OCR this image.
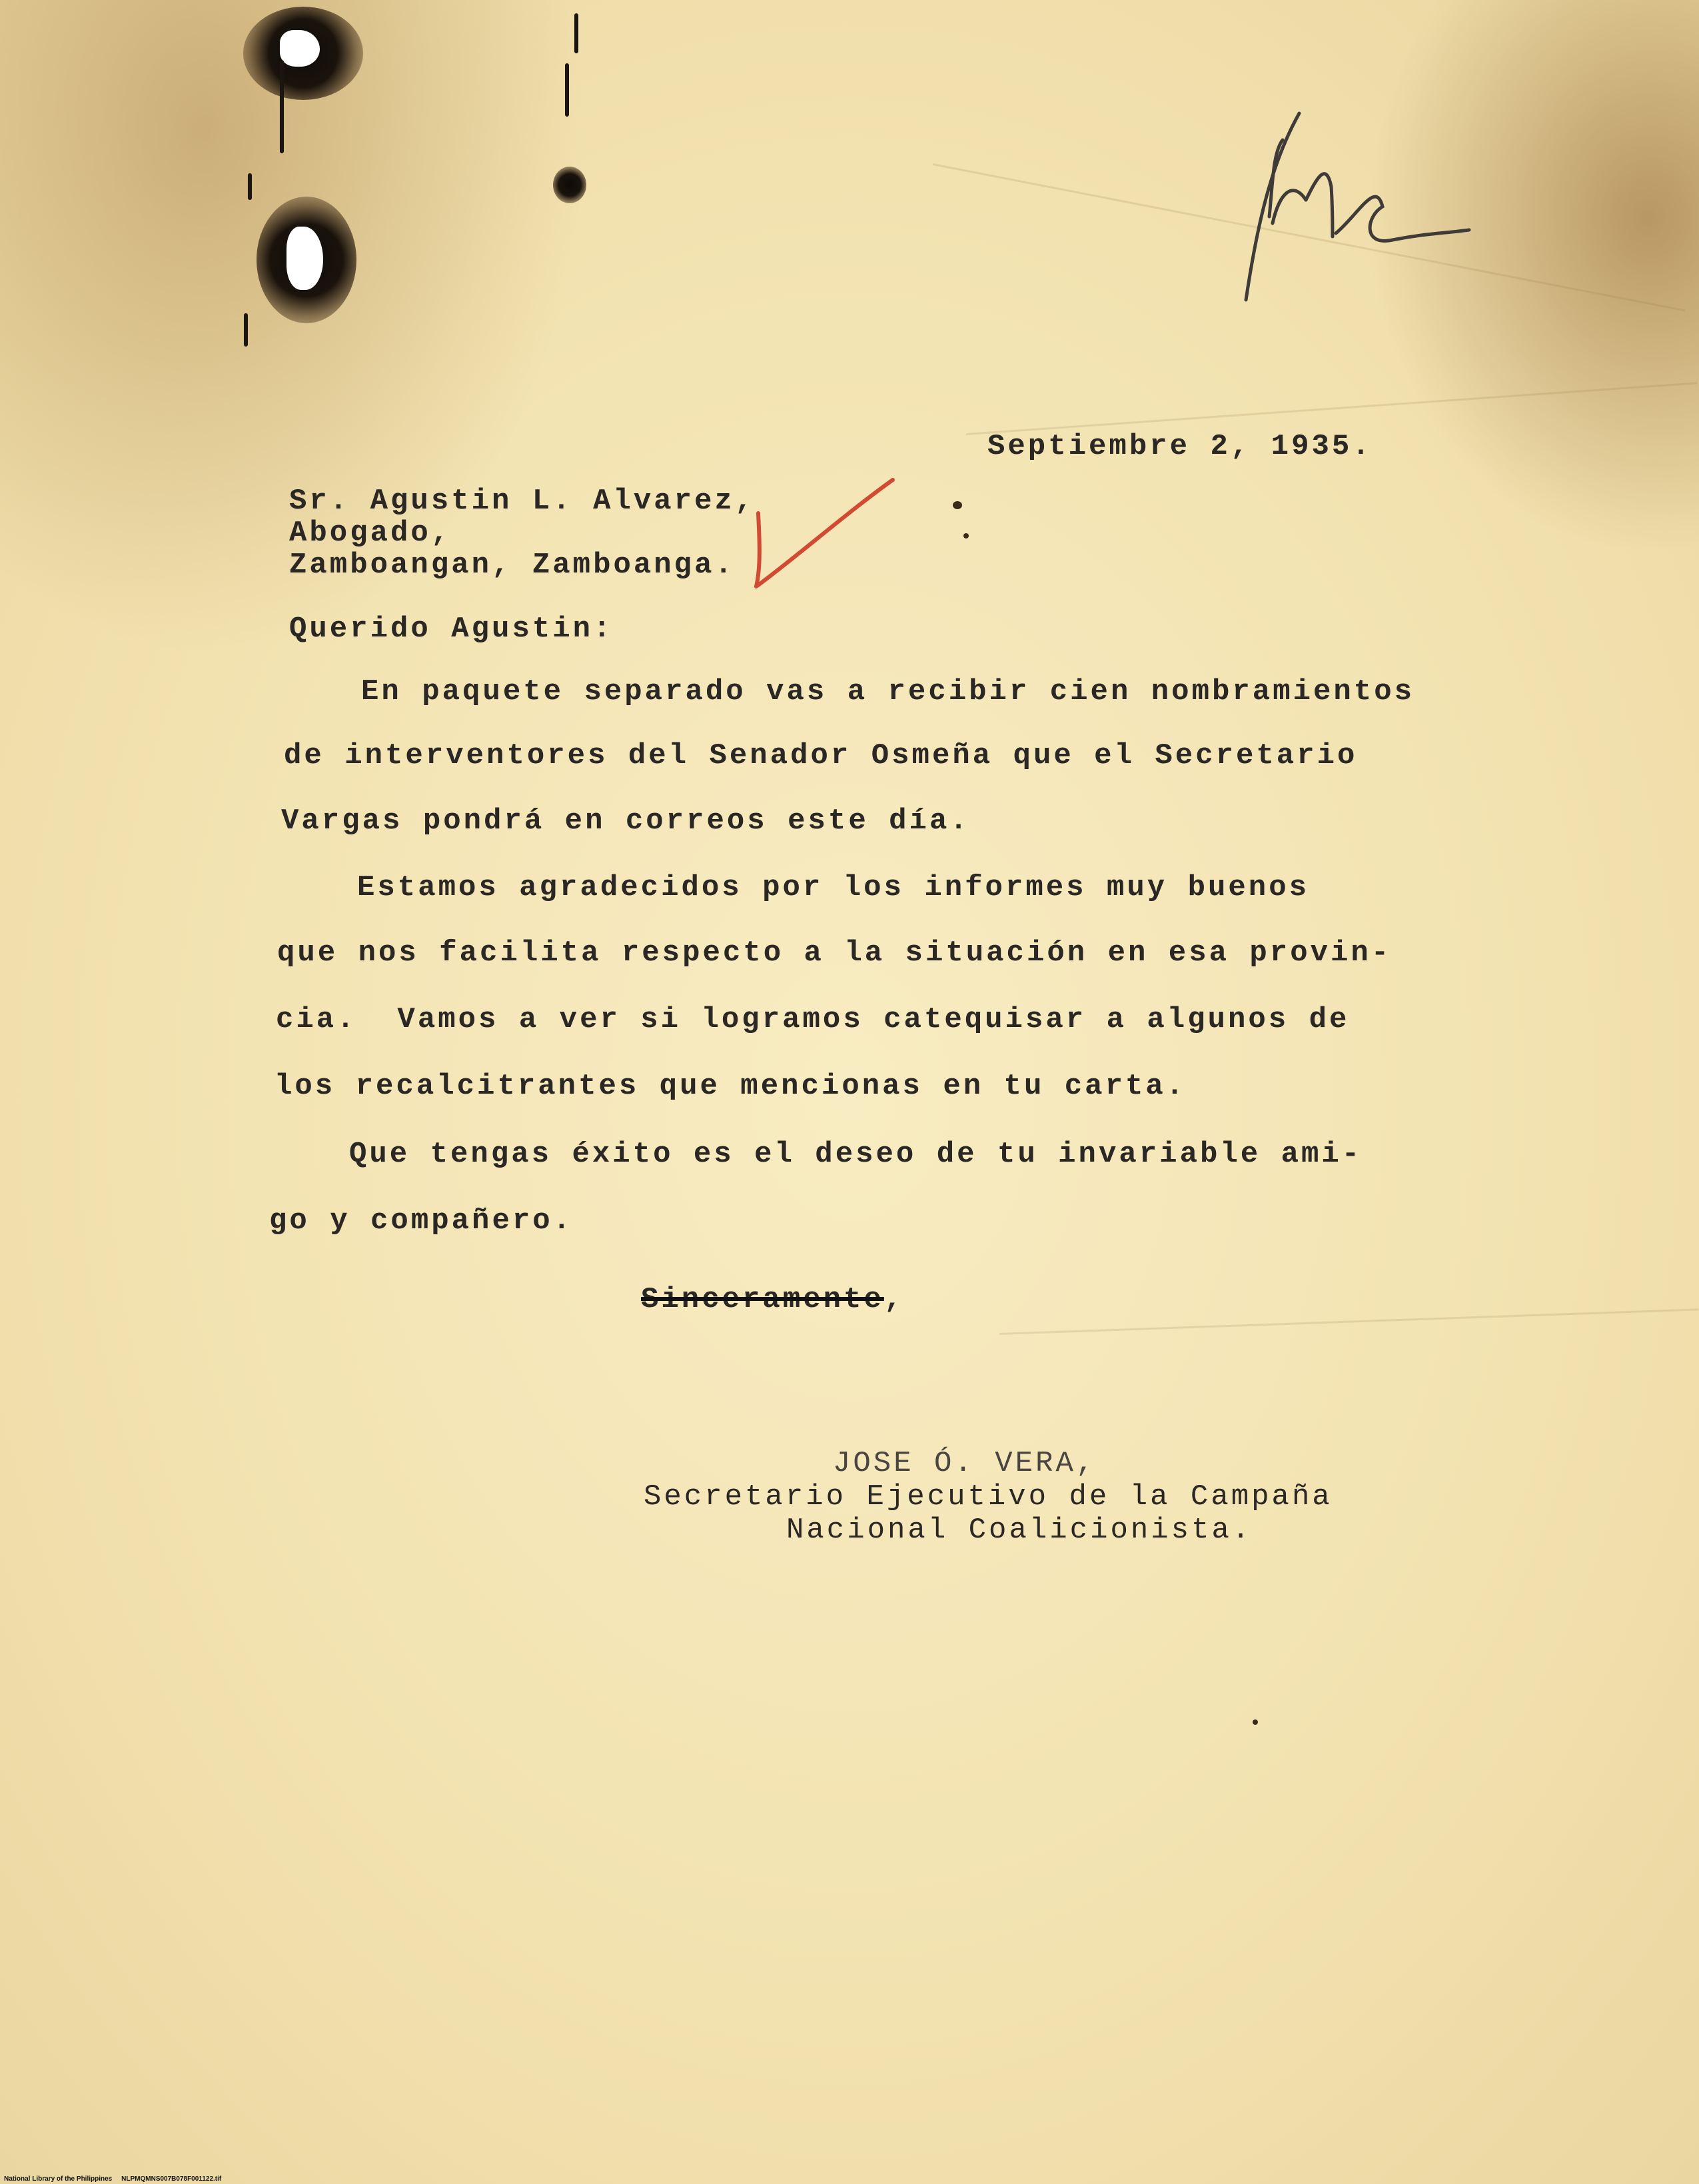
Septiembre 2, 1935.
Sr. Agustin L. Alvarez,
Abogado,
Zamboangan, Zamboanga.
Querido Agustin:
En paquete separado vas a recibir cien nombramientos
de interventores del Senador Osmeña que el Secretario
Vargas pondrá en correos este día.
Estamos agradecidos por los informes muy buenos
que nos facilita respecto a la situación en esa provin-
cia.  Vamos a ver si logramos catequisar a algunos de
los recalcitrantes que mencionas en tu carta.
Que tengas éxito es el deseo de tu invariable ami-
go y compañero.
Sinceramente,
JOSE Ó. VERA,
Secretario Ejecutivo de la Campaña
Nacional Coalicionista.
National Library of the Philippines NLPMQMNS007B078F001122.tif
